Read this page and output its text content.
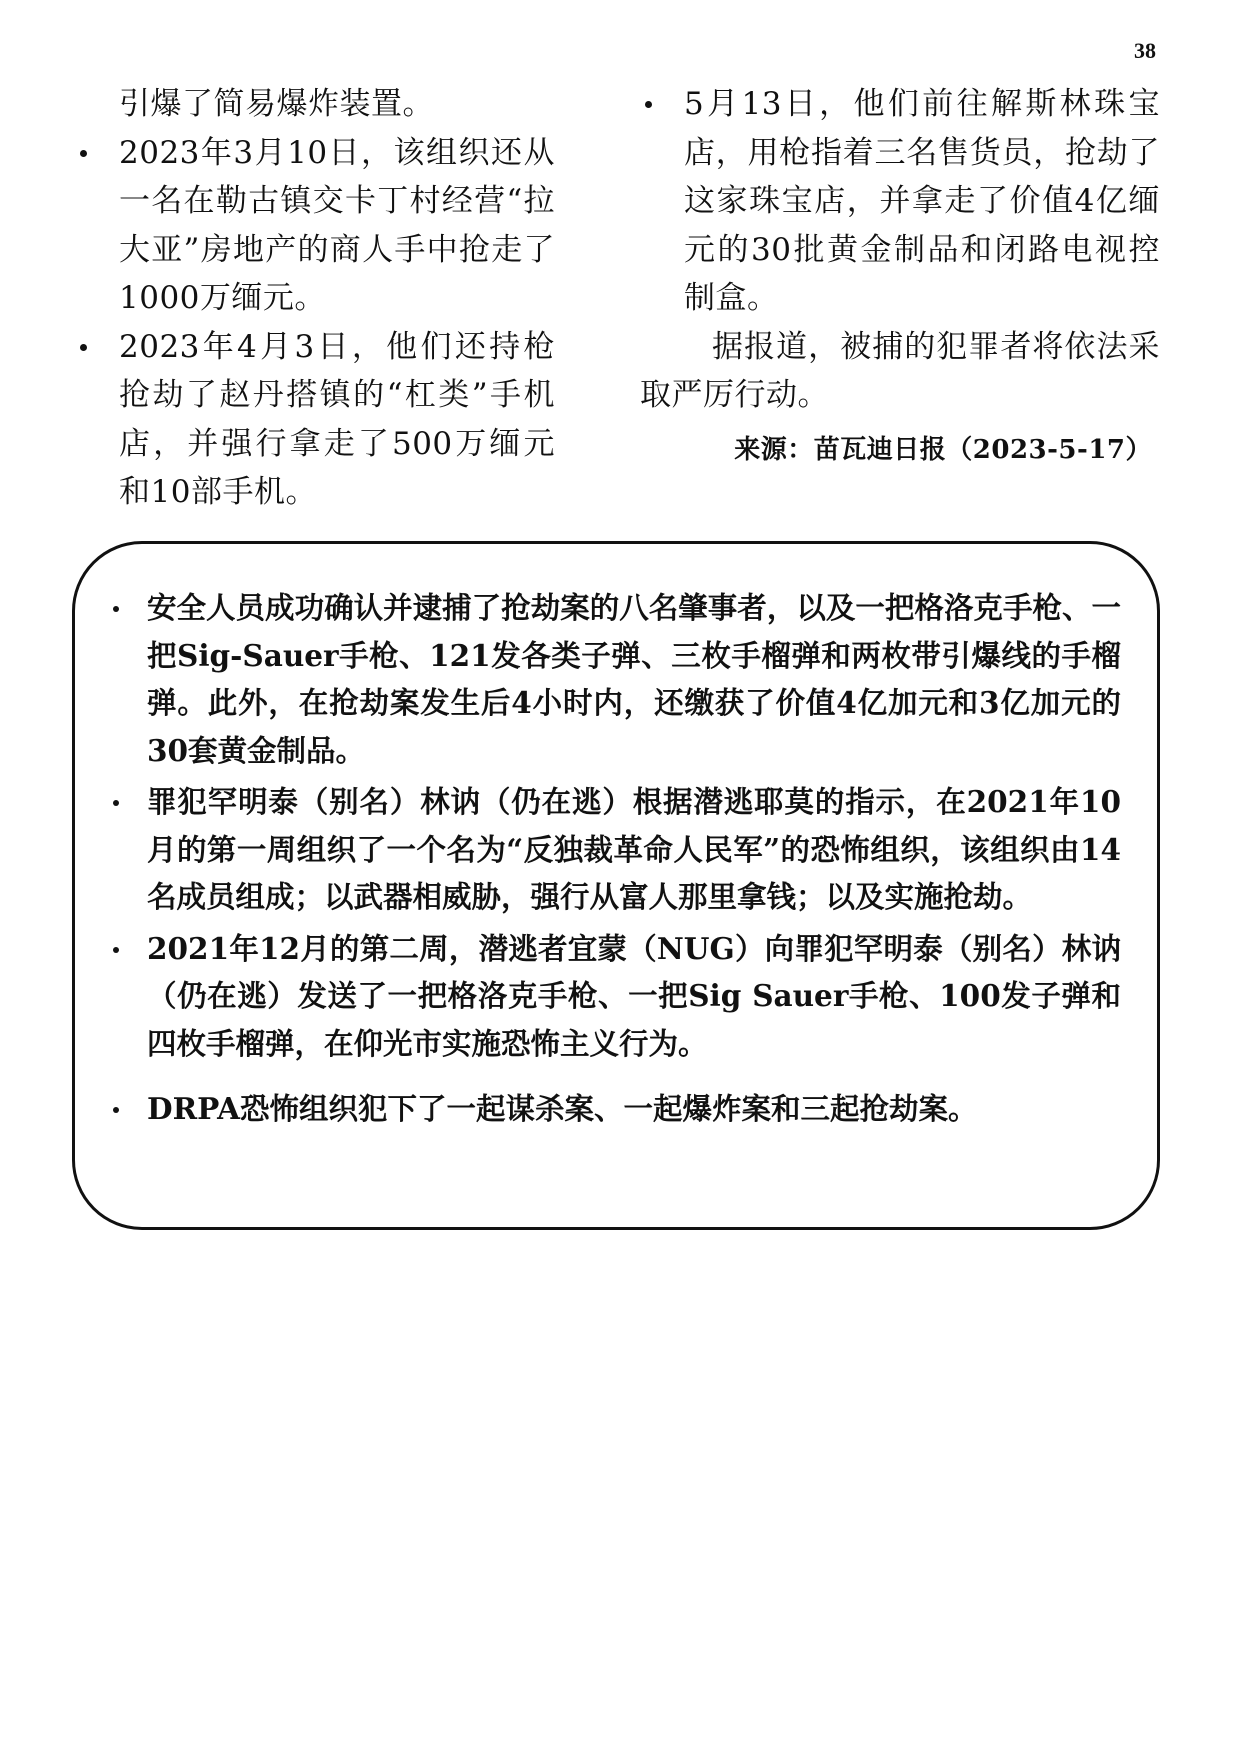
38

引爆了简易爆炸装置。

2023年3月10日，该组织还从一名在勒古镇交卡丁村经营“拉大亚”房地产的商人手中抢走了1000万缅元。

2023年4月3日，他们还持枪抢劫了赵丹搭镇的“杠类”手机店，并强行拿走了500万缅元和10部手机。

5月13日，他们前往解斯林珠宝店，用枪指着三名售货员，抢劫了这家珠宝店，并拿走了价值4亿缅元的30批黄金制品和闭路电视控制盒。

据报道，被捕的犯罪者将依法采取严厉行动。

来源：苗瓦迪日报（2023-5-17）

安全人员成功确认并逮捕了抢劫案的八名肇事者，以及一把格洛克手枪、一把Sig-Sauer手枪、121发各类子弹、三枚手榴弹和两枚带引爆线的手榴弹。此外，在抢劫案发生后4小时内，还缴获了价值4亿加元和3亿加元的30套黄金制品。
罪犯罕明泰（别名）林讷（仍在逃）根据潜逃耶莫的指示，在2021年10月的第一周组织了一个名为“反独裁革命人民军”的恐怖组织，该组织由14名成员组成；以武器相威胁，强行从富人那里拿钱；以及实施抢劫。
2021年12月的第二周，潜逃者宜蒙（NUG）向罪犯罕明泰（别名）林讷（仍在逃）发送了一把格洛克手枪、一把Sig Sauer手枪、100发子弹和四枚手榴弹，在仰光市实施恐怖主义行为。
DRPA恐怖组织犯下了一起谋杀案、一起爆炸案和三起抢劫案。
